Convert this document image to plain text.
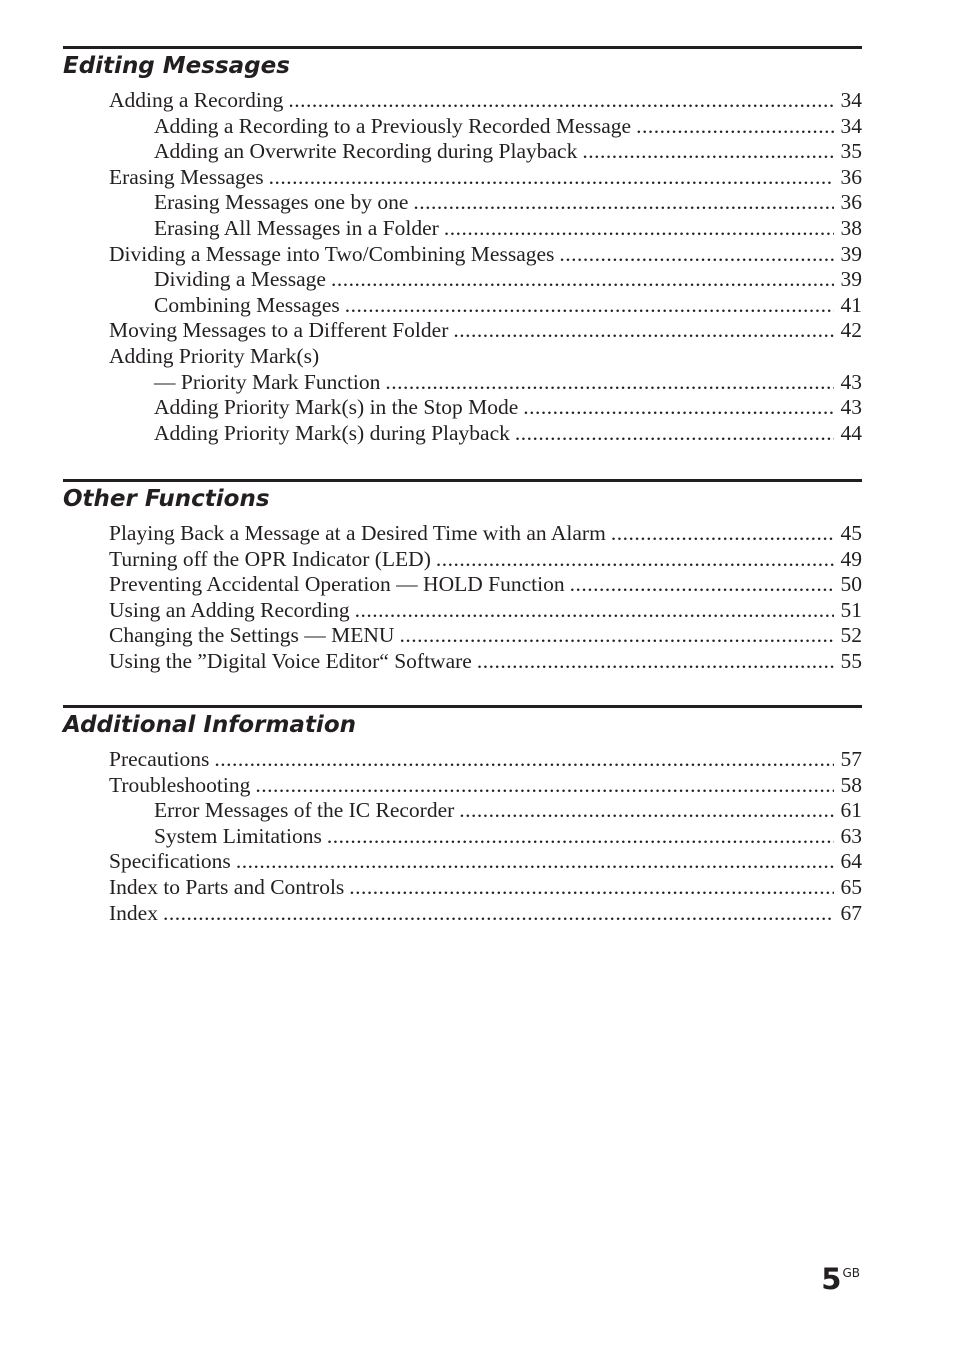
Editing Messages
Adding a Recording .....	34
Adding a Recording to a Previously Recorded Message .....	34
Adding an Overwrite Recording during Playback .....	35
Erasing Messages .....	36
Erasing Messages one by one .....	36
Erasing All Messages in a Folder .....	38
Dividing a Message into Two/Combining Messages .....	39
Dividing a Message .....	39
Combining Messages .....	41
Moving Messages to a Different Folder .....	42
Adding Priority Mark(s)
— Priority Mark Function .....	43
Adding Priority Mark(s) in the Stop Mode .....	43
Adding Priority Mark(s) during Playback .....	44
Other Functions
Playing Back a Message at a Desired Time with an Alarm .....	45
Turning off the OPR Indicator (LED) .....	49
Preventing Accidental Operation — HOLD Function .....	50
Using an Adding Recording .....	51
Changing the Settings — MENU .....	52
Using the ”Digital Voice Editor“ Software .....	55
Additional Information
Precautions .....	57
Troubleshooting .....	58
Error Messages of the IC Recorder .....	61
System Limitations .....	63
Specifications .....	64
Index to Parts and Controls .....	65
Index .....	67
$5^{GB}$
